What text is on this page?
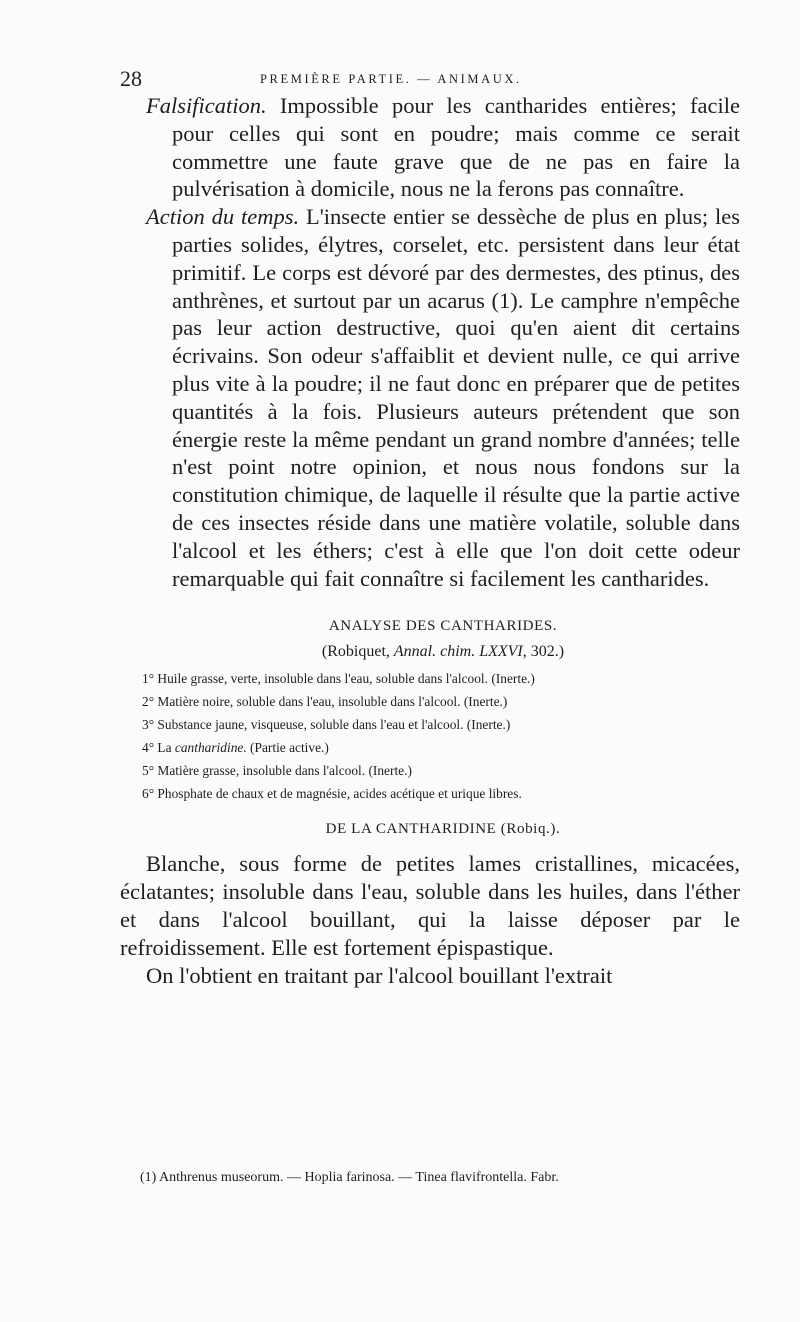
28	PREMIÈRE PARTIE. — ANIMAUX.

Falsification. Impossible pour les cantharides entières; facile pour celles qui sont en poudre; mais comme ce serait commettre une faute grave que de ne pas en faire la pulvérisation à domicile, nous ne la ferons pas connaître.

Action du temps. L'insecte entier se dessèche de plus en plus; les parties solides, élytres, corselet, etc. persistent dans leur état primitif. Le corps est dévoré par des dermestes, des ptinus, des anthrènes, et surtout par un acarus (1). Le camphre n'empêche pas leur action destructive, quoi qu'en aient dit certains écrivains. Son odeur s'affaiblit et devient nulle, ce qui arrive plus vite à la poudre; il ne faut donc en préparer que de petites quantités à la fois. Plusieurs auteurs prétendent que son énergie reste la même pendant un grand nombre d'années; telle n'est point notre opinion, et nous nous fondons sur la constitution chimique, de laquelle il résulte que la partie active de ces insectes réside dans une matière volatile, soluble dans l'alcool et les éthers; c'est à elle que l'on doit cette odeur remarquable qui fait connaître si facilement les cantharides.

ANALYSE DES CANTHARIDES.

(Robiquet, Annal. chim. LXXVI, 302.)

1° Huile grasse, verte, insoluble dans l'eau, soluble dans l'alcool. (Inerte.)
2° Matière noire, soluble dans l'eau, insoluble dans l'alcool. (Inerte.)
3° Substance jaune, visqueuse, soluble dans l'eau et l'alcool. (Inerte.)
4° La cantharidine. (Partie active.)
5° Matière grasse, insoluble dans l'alcool. (Inerte.)
6° Phosphate de chaux et de magnésie, acides acétique et urique libres.

DE LA CANTHARIDINE (Robiq.).

Blanche, sous forme de petites lames cristallines, micacées, éclatantes; insoluble dans l'eau, soluble dans les huiles, dans l'éther et dans l'alcool bouillant, qui la laisse déposer par le refroidissement. Elle est fortement épispastique.

On l'obtient en traitant par l'alcool bouillant l'extrait

(1) Anthrenus museorum. — Hoplia farinosa. — Tinea flavifrontella. Fabr.
